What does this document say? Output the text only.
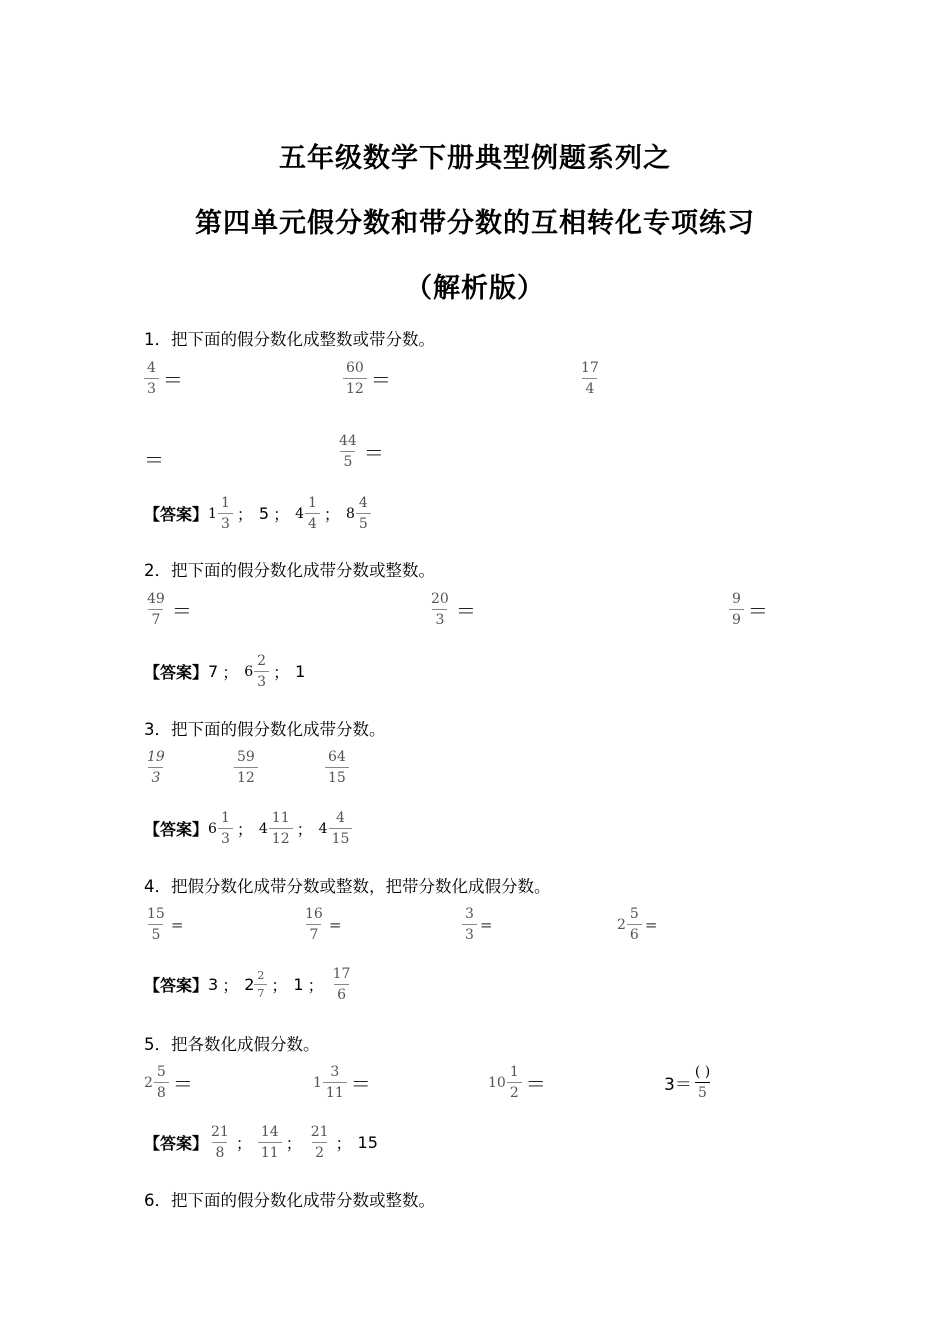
五年级数学下册典型例题系列之
第四单元假分数和带分数的互相转化专项练习
（解析版）
1．把下面的假分数化成整数或带分数。
$\frac{4}{3}$ ＝	$\frac{60}{12}$ ＝	$\frac{17}{4}$
＝	$\frac{44}{5}$ ＝
【答案】 $1 \frac{1}{3}$ ； 5 ； $4 \frac{1}{4}$ ； $8 \frac{4}{5}$
2．把下面的假分数化成带分数或整数。
$\frac{49}{7}$ ＝	$\frac{20}{3}$ ＝	$\frac{9}{9}$ ＝
【答案】 7 ； $6 \frac{2}{3}$ ； 1
3．把下面的假分数化成带分数。
$\frac{19}{3}$	$\frac{59}{12}$	$\frac{64}{15}$
【答案】 $6 \frac{1}{3}$ ； $4 \frac{11}{12}$ ； $4 \frac{4}{15}$
4．把假分数化成带分数或整数，把带分数化成假分数。
$\frac{15}{5}$ =	$\frac{16}{7}$ =	$\frac{3}{3}$ =	$2 \frac{5}{6}$ =
【答案】 3 ； $2 \frac{2}{7}$ ； 1 ； $\frac{17}{6}$
5．把各数化成假分数。
$2 \frac{5}{8}$ ＝	$1 \frac{3}{11}$ ＝	$10 \frac{1}{2}$ ＝	$3= \frac{( )}{5}$
【答案】 $\frac{21}{8}$ ； $\frac{14}{11}$ ； $\frac{21}{2}$ ； 15
6．把下面的假分数化成带分数或整数。
